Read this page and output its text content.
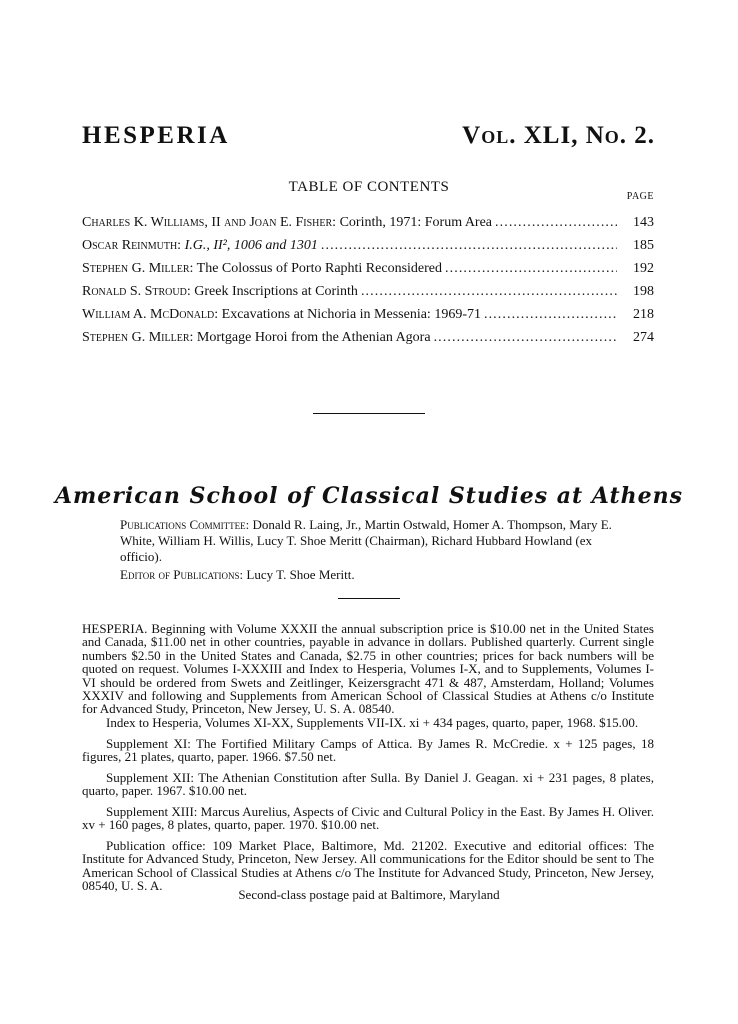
HESPERIA	Vol. XLI, No. 2.
TABLE OF CONTENTS
PAGE
Charles K. Williams, II and Joan E. Fisher: Corinth, 1971: Forum Area . . .	143
Oscar Reinmuth: I.G., II², 1006 and 1301 . . .	185
Stephen G. Miller: The Colossus of Porto Raphti Reconsidered . . .	192
Ronald S. Stroud: Greek Inscriptions at Corinth . . .	198
William A. McDonald: Excavations at Nichoria in Messenia: 1969-71 . . .	218
Stephen G. Miller: Mortgage Horoi from the Athenian Agora . . .	274
American School of Classical Studies at Athens
Publications Committee: Donald R. Laing, Jr., Martin Ostwald, Homer A. Thompson, Mary E. White, William H. Willis, Lucy T. Shoe Meritt (Chairman), Richard Hubbard Howland (ex officio).
Editor of Publications: Lucy T. Shoe Meritt.
HESPERIA. Beginning with Volume XXXII the annual subscription price is $10.00 net in the United States and Canada, $11.00 net in other countries, payable in advance in dollars. Published quarterly. Current single numbers $2.50 in the United States and Canada, $2.75 in other countries; prices for back numbers will be quoted on request. Volumes I-XXXIII and Index to Hesperia, Volumes I-X, and to Supplements, Volumes I-VI should be ordered from Swets and Zeitlinger, Keizersgracht 471 & 487, Amsterdam, Holland; Volumes XXXIV and following and Supplements from American School of Classical Studies at Athens c/o Institute for Advanced Study, Princeton, New Jersey, U. S. A. 08540.
Index to Hesperia, Volumes XI-XX, Supplements VII-IX. xi + 434 pages, quarto, paper, 1968. $15.00.
Supplement XI: The Fortified Military Camps of Attica. By James R. McCredie. x + 125 pages, 18 figures, 21 plates, quarto, paper. 1966. $7.50 net.
Supplement XII: The Athenian Constitution after Sulla. By Daniel J. Geagan. xi + 231 pages, 8 plates, quarto, paper. 1967. $10.00 net.
Supplement XIII: Marcus Aurelius, Aspects of Civic and Cultural Policy in the East. By James H. Oliver. xv + 160 pages, 8 plates, quarto, paper. 1970. $10.00 net.
Publication office: 109 Market Place, Baltimore, Md. 21202. Executive and editorial offices: The Institute for Advanced Study, Princeton, New Jersey. All communications for the Editor should be sent to The American School of Classical Studies at Athens c/o The Institute for Advanced Study, Princeton, New Jersey, 08540, U. S. A.
Second-class postage paid at Baltimore, Maryland
